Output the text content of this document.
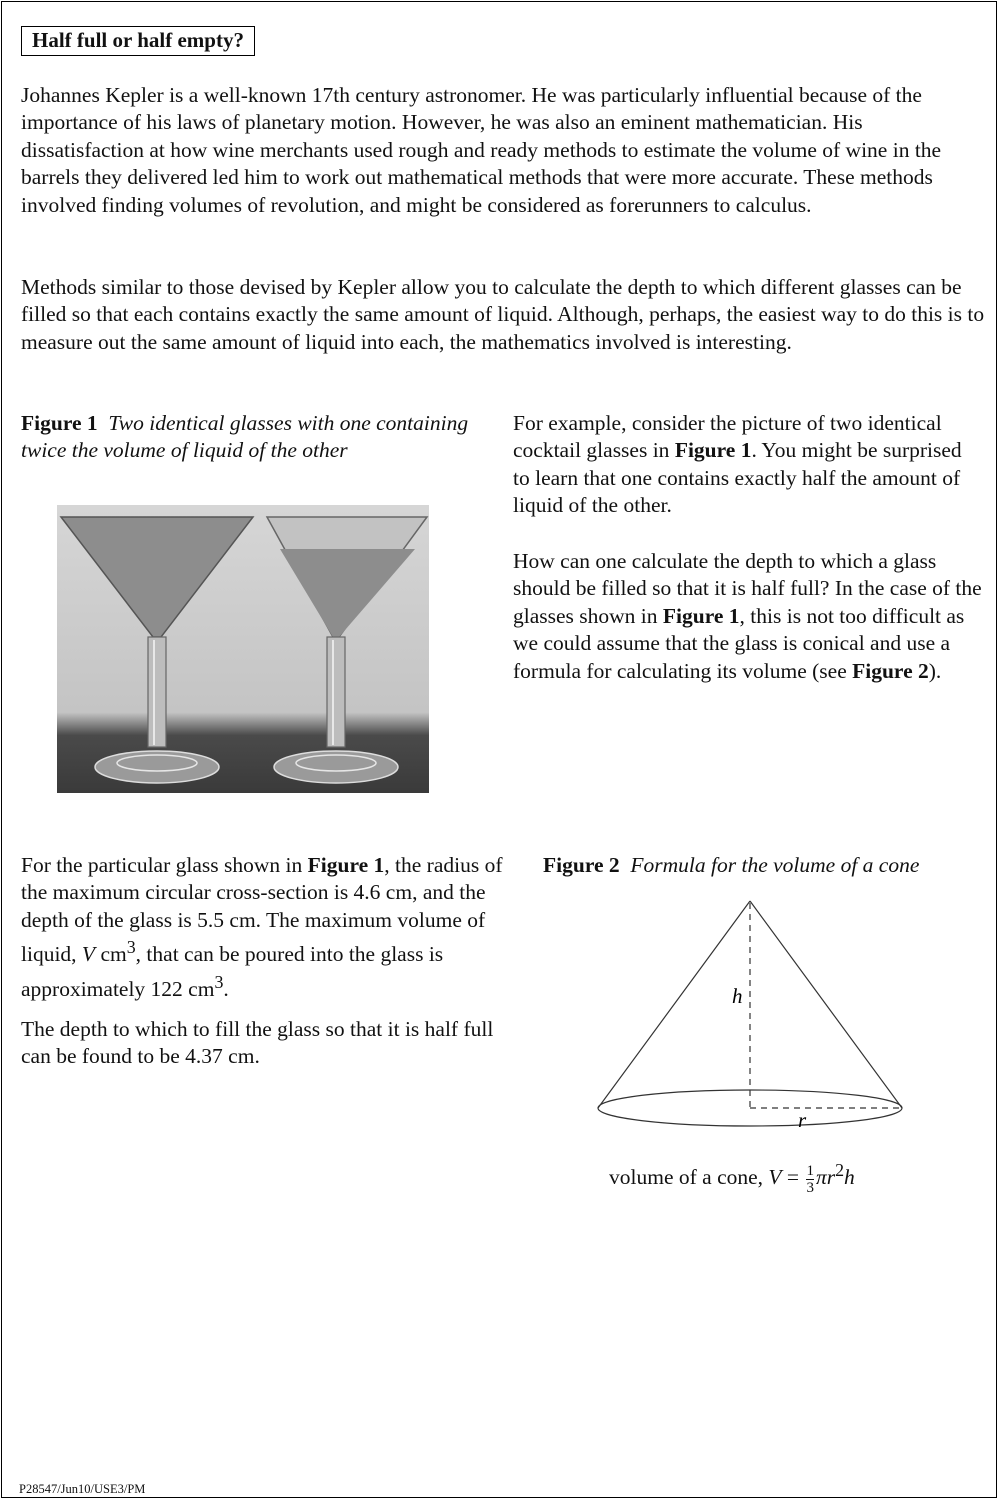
Half full or half empty?

Johannes Kepler is a well-known 17th century astronomer. He was particularly influential because of the importance of his laws of planetary motion. However, he was also an eminent mathematician. His dissatisfaction at how wine merchants used rough and ready methods to estimate the volume of wine in the barrels they delivered led him to work out mathematical methods that were more accurate. These methods involved finding volumes of revolution, and might be considered as forerunners to calculus.

Methods similar to those devised by Kepler allow you to calculate the depth to which different glasses can be filled so that each contains exactly the same amount of liquid. Although, perhaps, the easiest way to do this is to measure out the same amount of liquid into each, the mathematics involved is interesting.

Figure 1 Two identical glasses with one containing twice the volume of liquid of the other

For example, consider the picture of two identical cocktail glasses in Figure 1. You might be surprised to learn that one contains exactly half the amount of liquid of the other.

How can one calculate the depth to which a glass should be filled so that it is half full? In the case of the glasses shown in Figure 1, this is not too difficult as we could assume that the glass is conical and use a formula for calculating its volume (see Figure 2).

For the particular glass shown in Figure 1, the radius of the maximum circular cross-section is 4.6 cm, and the depth of the glass is 5.5 cm. The maximum volume of liquid, V $cm^3$, that can be poured into the glass is approximately 122 $cm^3$.

The depth to which to fill the glass so that it is half full can be found to be 4.37 cm.

Figure 2 Formula for the volume of a cone
h
r
volume of a cone, $V = \frac{1}{3} \pi r^2h$
P28547/Jun10/USE3/PM
